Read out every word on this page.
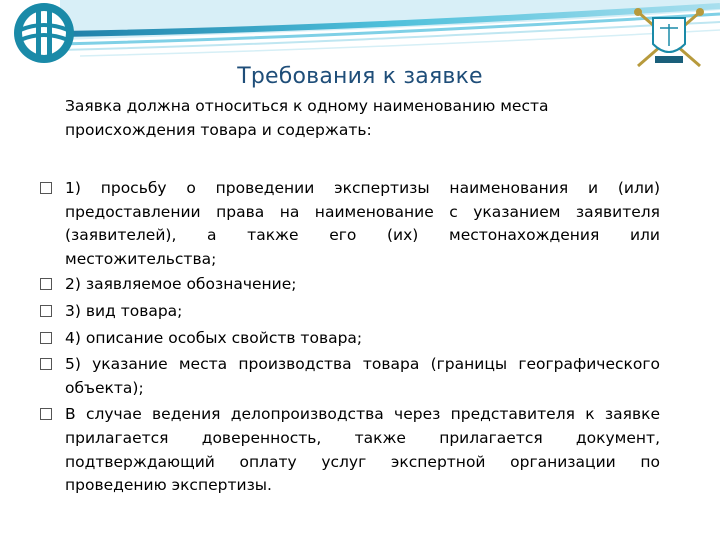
Требования к заявке
Заявка должна относиться к одному наименованию места происхождения товара и содержать:
1) просьбу о проведении экспертизы наименования и (или) предоставлении права на наименование с указанием заявителя (заявителей), а также его (их) местонахождения или местожительства;
2) заявляемое обозначение;
3) вид товара;
4) описание особых свойств товара;
5) указание места производства товара (границы географического объекта);
В случае ведения делопроизводства через представителя к заявке прилагается доверенность, также прилагается документ, подтверждающий оплату услуг экспертной организации по проведению экспертизы.
